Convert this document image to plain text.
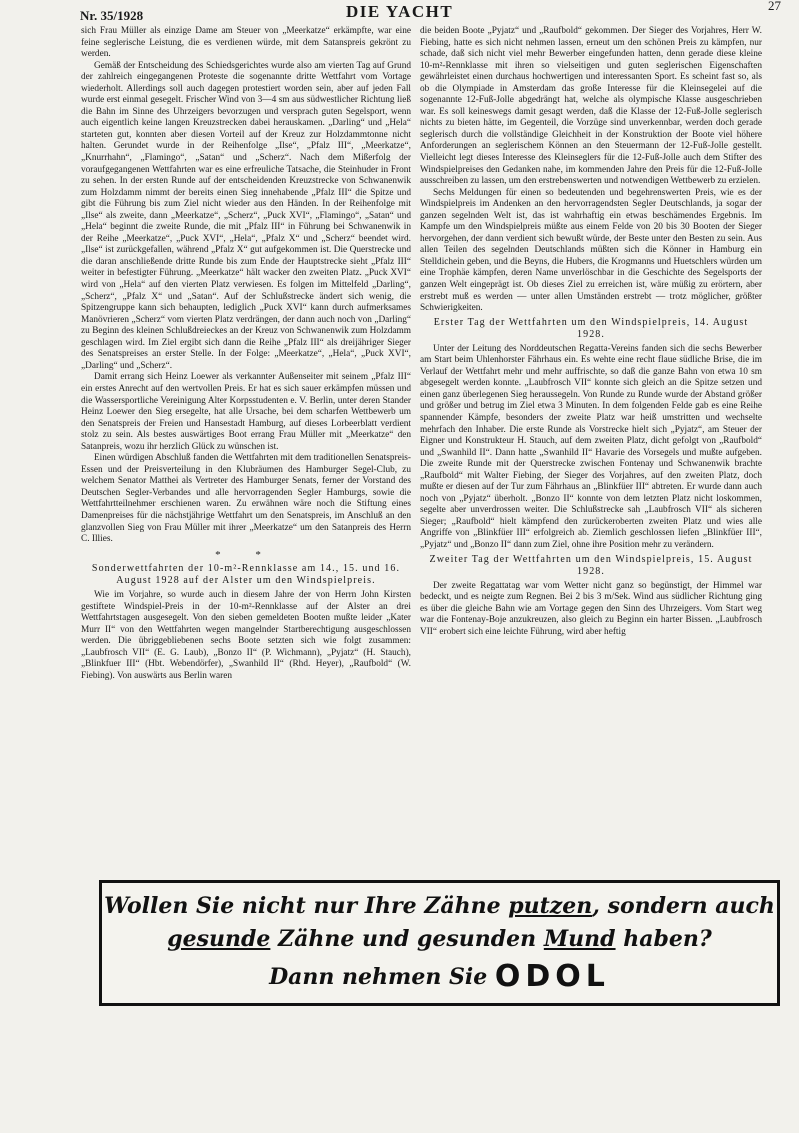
Nr. 35/1928	DIE YACHT	27

sich Frau Müller als einzige Dame am Steuer von „Meerkatze“ erkämpfte, war eine feine seglerische Leistung, die es verdienen würde, mit dem Satanspreis gekrönt zu werden.

Gemäß der Entscheidung des Schiedsgerichtes wurde also am vierten Tag auf Grund der zahlreich eingegangenen Proteste die sogenannte dritte Wettfahrt vom Vortage wiederholt. Allerdings soll auch dagegen protestiert worden sein, aber auf jeden Fall wurde erst einmal gesegelt. Frischer Wind von 3—4 sm aus südwestlicher Richtung ließ die Bahn im Sinne des Uhrzeigers bevorzugen und versprach guten Segelsport, wenn auch eigentlich keine langen Kreuzstrecken dabei herauskamen. „Darling“ und „Hela“ starteten gut, konnten aber diesen Vorteil auf der Kreuz zur Holzdammtonne nicht halten. Gerundet wurde in der Reihenfolge „Ilse“, „Pfalz III“, „Meerkatze“, „Knurrhahn“, „Flamingo“, „Satan“ und „Scherz“. Nach dem Mißerfolg der voraufgegangenen Wettfahrten war es eine erfreuliche Tatsache, die Steinhuder in Front zu sehen. In der ersten Runde auf der entscheidenden Kreuzstrecke von Schwanenwik zum Holzdamm nimmt der bereits einen Sieg innehabende „Pfalz III“ die Spitze und gibt die Führung bis zum Ziel nicht wieder aus den Händen. In der Reihenfolge mit „Ilse“ als zweite, dann „Meerkatze“, „Scherz“, „Puck XVI“, „Flamingo“, „Satan“ und „Hela“ beginnt die zweite Runde, die mit „Pfalz III“ in Führung bei Schwanenwik in der Reihe „Meerkatze“, „Puck XVI“, „Hela“, „Pfalz X“ und „Scherz“ beendet wird. „Ilse“ ist zurückgefallen, während „Pfalz X“ gut aufgekommen ist. Die Querstrecke und die daran anschließende dritte Runde bis zum Ende der Hauptstrecke sieht „Pfalz III“ weiter in befestigter Führung. „Meerkatze“ hält wacker den zweiten Platz. „Puck XVI“ wird von „Hela“ auf den vierten Platz verwiesen. Es folgen im Mittelfeld „Darling“, „Scherz“, „Pfalz X“ und „Satan“. Auf der Schlußstrecke ändert sich wenig, die Spitzengruppe kann sich behaupten, lediglich „Puck XVI“ kann durch aufmerksames Manövrieren „Scherz“ vom vierten Platz verdrängen, der dann auch noch von „Darling“ zu Beginn des kleinen Schlußdreieckes an der Kreuz von Schwanenwik zum Holzdamm geschlagen wird. Im Ziel ergibt sich dann die Reihe „Pfalz III“ als dreijähriger Sieger des Senatspreises an erster Stelle. In der Folge: „Meerkatze“, „Hela“, „Puck XVI“, „Darling“ und „Scherz“.

Damit errang sich Heinz Loewer als verkannter Außenseiter mit seinem „Pfalz III“ ein erstes Anrecht auf den wertvollen Preis. Er hat es sich sauer erkämpfen müssen und die Wassersportliche Vereinigung Alter Korpsstudenten e. V. Berlin, unter deren Stander Heinz Loewer den Sieg ersegelte, hat alle Ursache, bei dem scharfen Wettbewerb um den Senatspreis der Freien und Hansestadt Hamburg, auf dieses Lorbeerblatt verdient stolz zu sein. Als bestes auswärtiges Boot errang Frau Müller mit „Meerkatze“ den Satanpreis, wozu ihr herzlich Glück zu wünschen ist.

Einen würdigen Abschluß fanden die Wettfahrten mit dem traditionellen Senatspreis-Essen und der Preisverteilung in den Klubräumen des Hamburger Segel-Club, zu welchem Senator Matthei als Vertreter des Hamburger Senats, ferner der Vorstand des Deutschen Segler-Verbandes und alle hervorragenden Segler Hamburgs, sowie die Wettfahrtteilnehmer erschienen waren. Zu erwähnen wäre noch die Stiftung eines Damenpreises für die nächstjährige Wettfahrt um den Senatspreis, im Anschluß an den glanzvollen Sieg von Frau Müller mit ihrer „Meerkatze“ um den Satanpreis des Herrn C. Illies.

* *
Sonderwettfahrten der 10-m²-Rennklasse am 14., 15. und 16. August 1928 auf der Alster um den Windspielpreis.

Wie im Vorjahre, so wurde auch in diesem Jahre der von Herrn John Kirsten gestiftete Windspiel-Preis in der 10-m²-Rennklasse auf der Alster an drei Wettfahrtstagen ausgesegelt. Von den sieben gemeldeten Booten mußte leider „Kater Murr II“ von den Wettfahrten wegen mangelnder Startberechtigung ausgeschlossen werden. Die übriggebliebenen sechs Boote setzten sich wie folgt zusammen: „Laubfrosch VII“ (E. G. Laub), „Bonzo II“ (P. Wichmann), „Pyjatz“ (H. Stauch), „Blinkfuer III“ (Hbt. Webendörfer), „Swanhild II“ (Rhd. Heyer), „Raufbold“ (W. Fiebing). Von auswärts aus Berlin waren

die beiden Boote „Pyjatz“ und „Raufbold“ gekommen. Der Sieger des Vorjahres, Herr W. Fiebing, hatte es sich nicht nehmen lassen, erneut um den schönen Preis zu kämpfen, nur schade, daß sich nicht viel mehr Bewerber eingefunden hatten, denn gerade diese kleine 10-m²-Rennklasse mit ihren so vielseitigen und guten seglerischen Eigenschaften gewährleistet einen durchaus hochwertigen und interessanten Sport. Es scheint fast so, als ob die Olympiade in Amsterdam das große Interesse für die Kleinsegelei auf die sogenannte 12-Fuß-Jolle abgedrängt hat, welche als olympische Klasse ausgeschrieben war. Es soll keineswegs damit gesagt werden, daß die Klasse der 12-Fuß-Jolle seglerisch nichts zu bieten hätte, im Gegenteil, die Vorzüge sind unverkennbar, werden doch gerade seglerisch durch die vollständige Gleichheit in der Konstruktion der Boote viel höhere Anforderungen an seglerischem Können an den Steuermann der 12-Fuß-Jolle gestellt. Vielleicht legt dieses Interesse des Kleinseglers für die 12-Fuß-Jolle auch dem Stifter des Windspielpreises den Gedanken nahe, im kommenden Jahre den Preis für die 12-Fuß-Jolle ausschreiben zu lassen, um den erstrebenswerten und notwendigen Wettbewerb zu erzielen.

Sechs Meldungen für einen so bedeutenden und begehrenswerten Preis, wie es der Windspielpreis im Andenken an den hervorragendsten Segler Deutschlands, ja sogar der ganzen segelnden Welt ist, das ist wahrhaftig ein etwas beschämendes Ergebnis. Im Kampfe um den Windspielpreis müßte aus einem Felde von 20 bis 30 Booten der Sieger hervorgehen, der dann verdient sich bewußt würde, der Beste unter den Besten zu sein. Aus allen Teilen des segelnden Deutschlands müßten sich die Könner in Hamburg ein Stelldichein geben, und die Beyns, die Hubers, die Krogmanns und Huetschlers würden um eine Trophäe kämpfen, deren Name unverlöschbar in die Geschichte des Segelsports der ganzen Welt eingeprägt ist. Ob dieses Ziel zu erreichen ist, wäre müßig zu erörtern, aber erstrebt muß es werden — unter allen Umständen erstrebt — trotz möglicher, größter Schwierigkeiten.

Erster Tag der Wettfahrten um den Windspielpreis, 14. August 1928.

Unter der Leitung des Norddeutschen Regatta-Vereins fanden sich die sechs Bewerber am Start beim Uhlenhorster Fährhaus ein. Es wehte eine recht flaue südliche Brise, die im Verlauf der Wettfahrt mehr und mehr auffrischte, so daß die ganze Bahn von etwa 10 sm abgesegelt werden konnte. „Laubfrosch VII“ konnte sich gleich an die Spitze setzen und einen ganz überlegenen Sieg heraussegeln. Von Runde zu Runde wurde der Abstand größer und größer und betrug im Ziel etwa 3 Minuten. In dem folgenden Felde gab es eine Reihe spannender Kämpfe, besonders der zweite Platz war heiß umstritten und wechselte mehrfach den Inhaber. Die erste Runde als Vorstrecke hielt sich „Pyjatz“, am Steuer der Eigner und Konstrukteur H. Stauch, auf dem zweiten Platz, dicht gefolgt von „Raufbold“ und „Swanhild II“. Dann hatte „Swanhild II“ Havarie des Vorsegels und mußte aufgeben. Die zweite Runde mit der Querstrecke zwischen Fontenay und Schwanenwik brachte „Raufbold“ mit Walter Fiebing, der Sieger des Vorjahres, auf den zweiten Platz, doch mußte er diesen auf der Tur zum Fährhaus an „Blinkfüer III“ abtreten. Er wurde dann auch noch von „Pyjatz“ überholt. „Bonzo II“ konnte von dem letzten Platz nicht loskommen, segelte aber unverdrossen weiter. Die Schlußstrecke sah „Laubfrosch VII“ als sicheren Sieger; „Raufbold“ hielt kämpfend den zurückeroberten zweiten Platz und wies alle Angriffe von „Blinkfüer III“ erfolgreich ab. Ziemlich geschlossen liefen „Blinkfüer III“, „Pyjatz“ und „Bonzo II“ dann zum Ziel, ohne ihre Position mehr zu verändern.

Zweiter Tag der Wettfahrten um den Windspielpreis, 15. August 1928.

Der zweite Regattatag war vom Wetter nicht ganz so begünstigt, der Himmel war bedeckt, und es neigte zum Regnen. Bei 2 bis 3 m/Sek. Wind aus südlicher Richtung ging es über die gleiche Bahn wie am Vortage gegen den Sinn des Uhrzeigers. Vom Start weg war die Fontenay-Boje anzukreuzen, also gleich zu Beginn ein harter Bissen. „Laubfrosch VII“ erobert sich eine leichte Führung, wird aber heftig

Wollen Sie nicht nur Ihre Zähne putzen, sondern auch
gesunde Zähne und gesunden Mund haben?
Dann nehmen Sie ODOL
